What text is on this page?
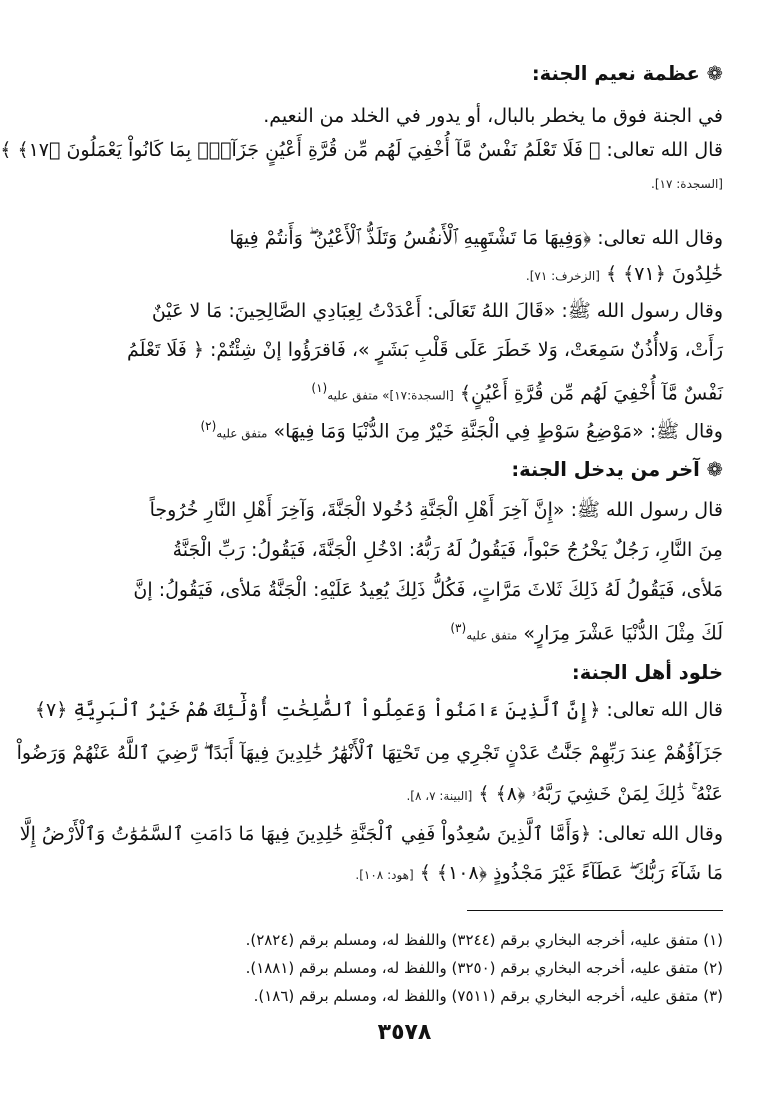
❁ عظمة نعيم الجنة:
في الجنة فوق ما يخطر بالبال، أو يدور في الخلد من النعيم.
قال الله تعالى: ﴿ فَلَا تَعْلَمُ نَفْسٌ مَّآ أُخْفِيَ لَهُم مِّن قُرَّةِ أَعْيُنٍ جَزَآءَۢ بِمَا كَانُواْ يَعْمَلُونَ ﴿١٧﴾ ﴾
[السجدة: ١٧].
وقال الله تعالى: ﴿وَفِيهَا مَا تَشْتَهِيهِ ٱلْأَنفُسُ وَتَلَذُّ ٱلْأَعْيُنُ ۖ وَأَنتُمْ فِيهَا
خَٰلِدُونَ ﴿٧١﴾ ﴾ [الزخرف: ٧١].
وقال رسول الله ﷺ: «قَالَ اللهُ تَعَالَى: أَعْدَدْتُ لِعِبَادِي الصَّالِحِينَ: مَا لا عَيْنٌ
رَأَتْ، وَلاأُذُنٌ سَمِعَتْ، وَلا خَطَرَ عَلَى قَلْبِ بَشَرٍ »، فَاقرَؤُوا إنْ شِئْتُمْ: ﴿ فَلَا تَعْلَمُ
نَفْسٌ مَّآ أُخْفِيَ لَهُم مِّن قُرَّةِ أَعْيُنٍ﴾ [السجدة:١٧]» متفق عليه$^{(١)}$
وقال ﷺ: «مَوْضِعُ سَوْطٍ فِي الْجَنَّةِ خَيْرٌ مِنَ الدُّنْيَا وَمَا فِيهَا» متفق عليه$^{(٢)}$
❁ آخر من يدخل الجنة:
قال رسول الله ﷺ: «إِنَّ آخِرَ أَهْلِ الْجَنَّةِ دُخُولا الْجَنَّةَ، وَآخِرَ أَهْلِ النَّارِ خُرُوجاً
مِنَ النَّارِ، رَجُلٌ يَخْرُجُ حَبْواً، فَيَقُولُ لَهُ رَبُّهُ: ادْخُلِ الْجَنَّةَ، فَيَقُولُ: رَبِّ الْجَنَّةُ
مَلأى، فَيَقُولُ لَهُ ذَلِكَ ثَلاثَ مَرَّاتٍ، فَكُلُّ ذَلِكَ يُعِيدُ عَلَيْهِ: الْجَنَّةُ مَلأى، فَيَقُولُ: إنَّ
لَكَ مِثْلَ الدُّنْيَا عَشْرَ مِرَارٍ» متفق عليه$^{(٣)}$
خلود أهل الجنة:
قال الله تعالى: ﴿إِنَّ ٱلَّذِينَ ءَامَنُواْ وَعَمِلُواْ ٱلصَّٰلِحَٰتِ أُوْلَٰٓئِكَ هُمْ خَيْرُ ٱلْبَرِيَّةِ ﴿٧﴾
جَزَآؤُهُمْ عِندَ رَبِّهِمْ جَنَّٰتُ عَدْنٍ تَجْرِي مِن تَحْتِهَا ٱلْأَنْهَٰرُ خَٰلِدِينَ فِيهَآ أَبَدًا ۖ رَّضِيَ ٱللَّهُ عَنْهُمْ وَرَضُواْ
عَنْهُ ۚ ذَٰلِكَ لِمَنْ خَشِيَ رَبَّهُۥ ﴿٨﴾ ﴾ [البينة: ٧، ٨].
وقال الله تعالى: ﴿وَأَمَّا ٱلَّذِينَ سُعِدُواْ فَفِي ٱلْجَنَّةِ خَٰلِدِينَ فِيهَا مَا دَامَتِ ٱلسَّمَٰوَٰتُ وَٱلْأَرْضُ إِلَّا
مَا شَآءَ رَبُّكَ ۖ عَطَآءً غَيْرَ مَجْذُوذٍ ﴿١٠٨﴾ ﴾ [هود: ١٠٨].
(١) متفق عليه، أخرجه البخاري برقم (٣٢٤٤) واللفظ له، ومسلم برقم (٢٨٢٤).
(٢) متفق عليه، أخرجه البخاري برقم (٣٢٥٠) واللفظ له، ومسلم برقم (١٨٨١).
(٣) متفق عليه، أخرجه البخاري برقم (٧٥١١) واللفظ له، ومسلم برقم (١٨٦).
٣٥٧٨
